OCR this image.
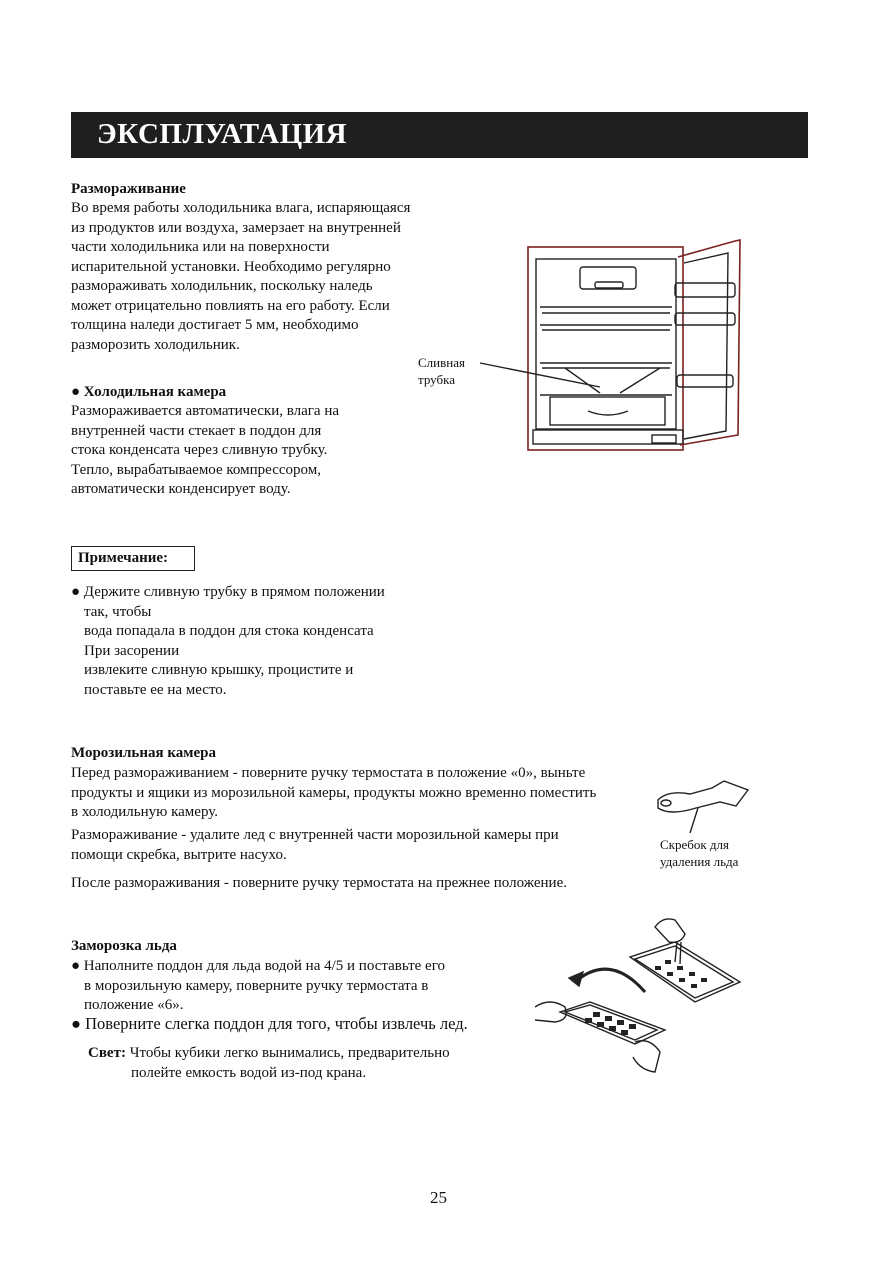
ЭКСПЛУАТАЦИЯ
Размораживание
Во время работы холодильника влага, испаряющаяся
из продуктов или воздуха, замерзает на внутренней
части холодильника или на поверхности
испарительной установки. Необходимо регулярно
размораживать холодильник, поскольку наледь
может отрицательно повлиять на его работу. Если
толщина наледи достигает 5 мм, необходимо
разморозить холодильник.
● Холодильная камера
Размораживается автоматически, влага на
внутренней части стекает в поддон для
стока конденсата через сливную трубку.
Тепло, вырабатываемое компрессором,
автоматически конденсирует воду.
Сливная
трубка
Примечание:
● Держите сливную трубку в прямом положении
так, чтобы
вода попадала в поддон для стока конденсата
При засорении
извлеките сливную крышку, процистите и
поставьте ее на место.
Морозильная камера
Перед размораживанием - поверните ручку термостата в положение «0», выньте
продукты и ящики из морозильной камеры, продукты можно временно поместить
в холодильную камеру.
Размораживание - удалите лед с внутренней части морозильной камеры при
помощи скребка, вытрите насухо.
После размораживания - поверните ручку термостата на прежнее положение.
Скребок для
удаления льда
Заморозка льда
● Наполните поддон для льда водой на 4/5 и поставьте его
в морозильную камеру, поверните ручку термостата в
положение «6».
● Поверните слегка поддон для того, чтобы извлечь лед.
Свет: Чтобы кубики легко вынимались, предварительно
полейте емкость водой из-под крана.
25
